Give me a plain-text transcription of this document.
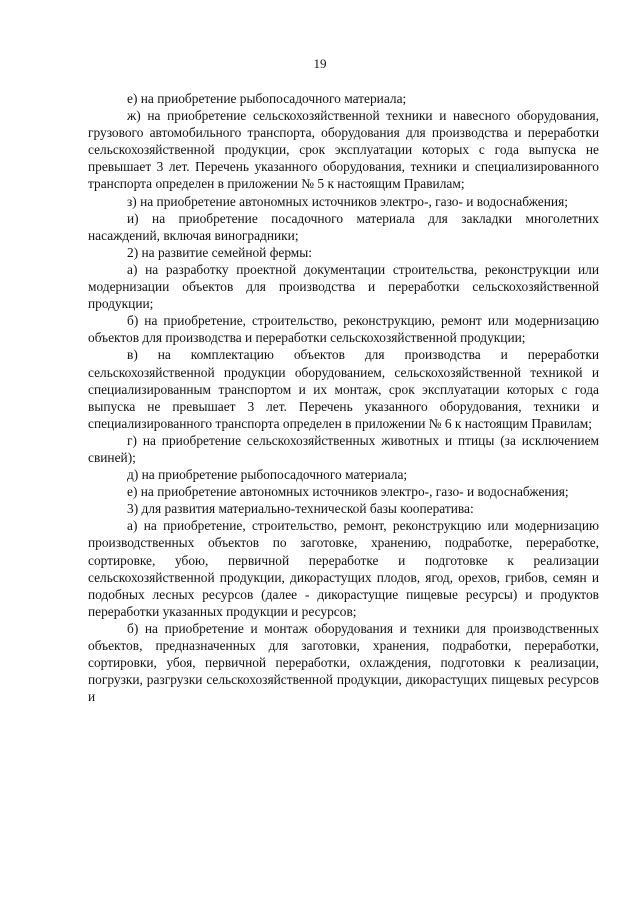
19

е) на приобретение рыбопосадочного материала;

ж) на приобретение сельскохозяйственной техники и навесного оборудования, грузового автомобильного транспорта, оборудования для производства и переработки сельскохозяйственной продукции, срок эксплуатации которых с года выпуска не превышает 3 лет. Перечень указанного оборудования, техники и специализированного транспорта определен в приложении № 5 к настоящим Правилам;

з) на приобретение автономных источников электро-, газо- и водоснабжения;

и) на приобретение посадочного материала для закладки многолетних насаждений, включая виноградники;

2) на развитие семейной фермы:

а) на разработку проектной документации строительства, реконструкции или модернизации объектов для производства и переработки сельскохозяйственной продукции;

б) на приобретение, строительство, реконструкцию, ремонт или модернизацию объектов для производства и переработки сельскохозяйственной продукции;

в) на комплектацию объектов для производства и переработки сельскохозяйственной продукции оборудованием, сельскохозяйственной техникой и специализированным транспортом и их монтаж, срок эксплуатации которых с года выпуска не превышает 3 лет. Перечень указанного оборудования, техники и специализированного транспорта определен в приложении № 6 к настоящим Правилам;

г) на приобретение сельскохозяйственных животных и птицы (за исключением свиней);

д) на приобретение рыбопосадочного материала;

е) на приобретение автономных источников электро-, газо- и водоснабжения;

3) для развития материально-технической базы кооператива:

а) на приобретение, строительство, ремонт, реконструкцию или модернизацию производственных объектов по заготовке, хранению, подработке, переработке, сортировке, убою, первичной переработке и подготовке к реализации сельскохозяйственной продукции, дикорастущих плодов, ягод, орехов, грибов, семян и подобных лесных ресурсов (далее - дикорастущие пищевые ресурсы) и продуктов переработки указанных продукции и ресурсов;

б) на приобретение и монтаж оборудования и техники для производственных объектов, предназначенных для заготовки, хранения, подработки, переработки, сортировки, убоя, первичной переработки, охлаждения, подготовки к реализации, погрузки, разгрузки сельскохозяйственной продукции, дикорастущих пищевых ресурсов и
